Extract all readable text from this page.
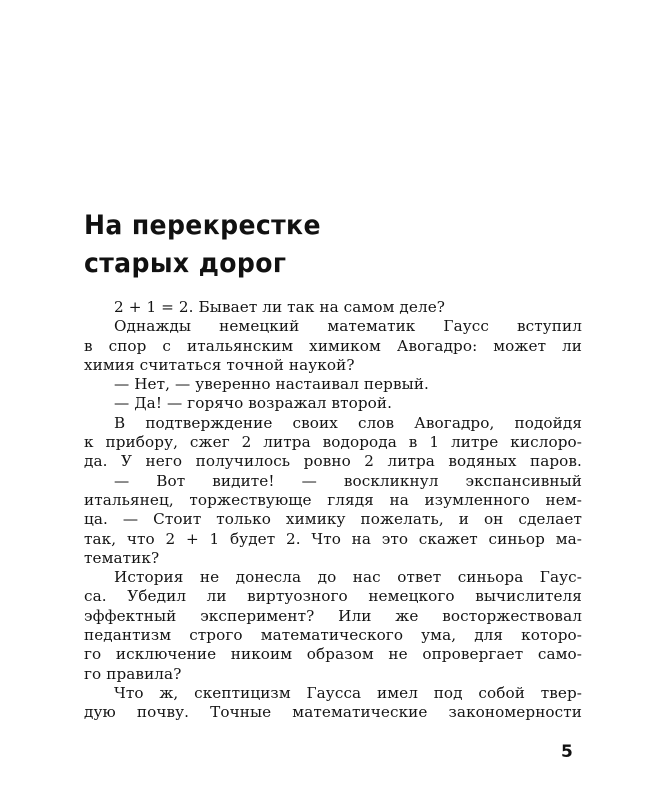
На перекрестке
старых дорог
2 + 1 = 2. Бывает ли так на самом деле?
Однажды немецкий математик Гаусс вступил
в спор с итальянским химиком Авогадро: может ли
химия считаться точной наукой?
— Нет, — уверенно настаивал первый.
— Да! — горячо возражал второй.
В подтверждение своих слов Авогадро, подойдя
к прибору, сжег 2 литра водорода в 1 литре кислоро-
да. У него получилось ровно 2 литра водяных паров.
— Вот видите! — воскликнул экспансивный
итальянец, торжествующе глядя на изумленного нем-
ца. — Стоит только химику пожелать, и он сделает
так, что 2 + 1 будет 2. Что на это скажет синьор ма-
тематик?
История не донесла до нас ответ синьора Гаус-
са. Убедил ли виртуозного немецкого вычислителя
эффектный эксперимент? Или же восторжествовал
педантизм строго математического ума, для которо-
го исключение никоим образом не опровергает само-
го правила?
Что ж, скептицизм Гаусса имел под собой твер-
дую почву. Точные математические закономерности
5
